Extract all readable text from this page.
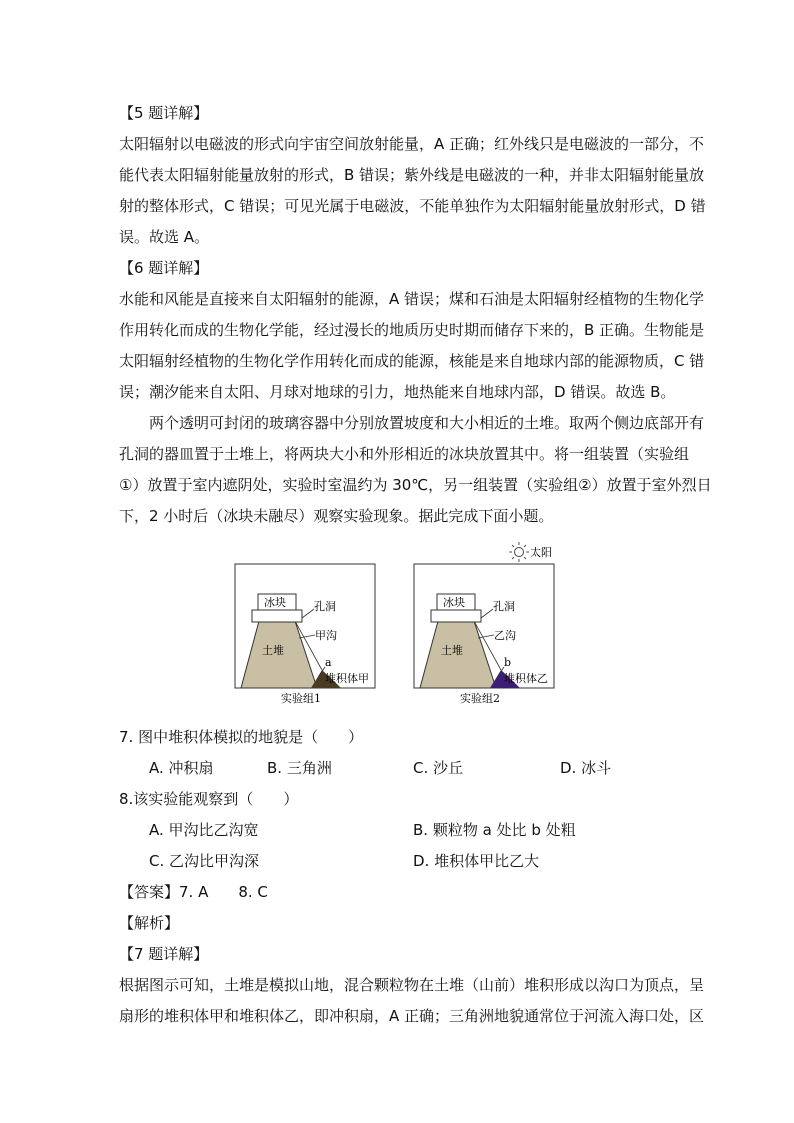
【5 题详解】
太阳辐射以电磁波的形式向宇宙空间放射能量，A 正确；红外线只是电磁波的一部分，不
能代表太阳辐射能量放射的形式，B 错误；紫外线是电磁波的一种，并非太阳辐射能量放
射的整体形式，C 错误；可见光属于电磁波，不能单独作为太阳辐射能量放射形式，D 错
误。故选 A。
【6 题详解】
水能和风能是直接来自太阳辐射的能源，A 错误；煤和石油是太阳辐射经植物的生物化学
作用转化而成的生物化学能，经过漫长的地质历史时期而储存下来的，B 正确。生物能是
太阳辐射经植物的生物化学作用转化而成的能源，核能是来自地球内部的能源物质，C 错
误；潮汐能来自太阳、月球对地球的引力，地热能来自地球内部，D 错误。故选 B。
两个透明可封闭的玻璃容器中分别放置坡度和大小相近的土堆。取两个侧边底部开有
孔洞的器皿置于土堆上，将两块大小和外形相近的冰块放置其中。将一组装置（实验组
①）放置于室内遮阴处，实验时室温约为 30℃，另一组装置（实验组②）放置于室外烈日
下，2 小时后（冰块未融尽）观察实验现象。据此完成下面小题。
太阳
冰块	孔洞
甲沟
土堆
a
堆积体甲
实验组1
冰块	孔洞
乙沟
土堆
b
堆积体乙
实验组2
7. 图中堆积体模拟的地貌是（　　）
A. 冲积扇	B. 三角洲	C. 沙丘	D. 冰斗
8.该实验能观察到（　　）
A. 甲沟比乙沟宽	B. 颗粒物 a 处比 b 处粗
C. 乙沟比甲沟深	D. 堆积体甲比乙大
【答案】7. A　　8. C
【解析】
【7 题详解】
根据图示可知，土堆是模拟山地，混合颗粒物在土堆（山前）堆积形成以沟口为顶点，呈
扇形的堆积体甲和堆积体乙，即冲积扇，A 正确；三角洲地貌通常位于河流入海口处，区
